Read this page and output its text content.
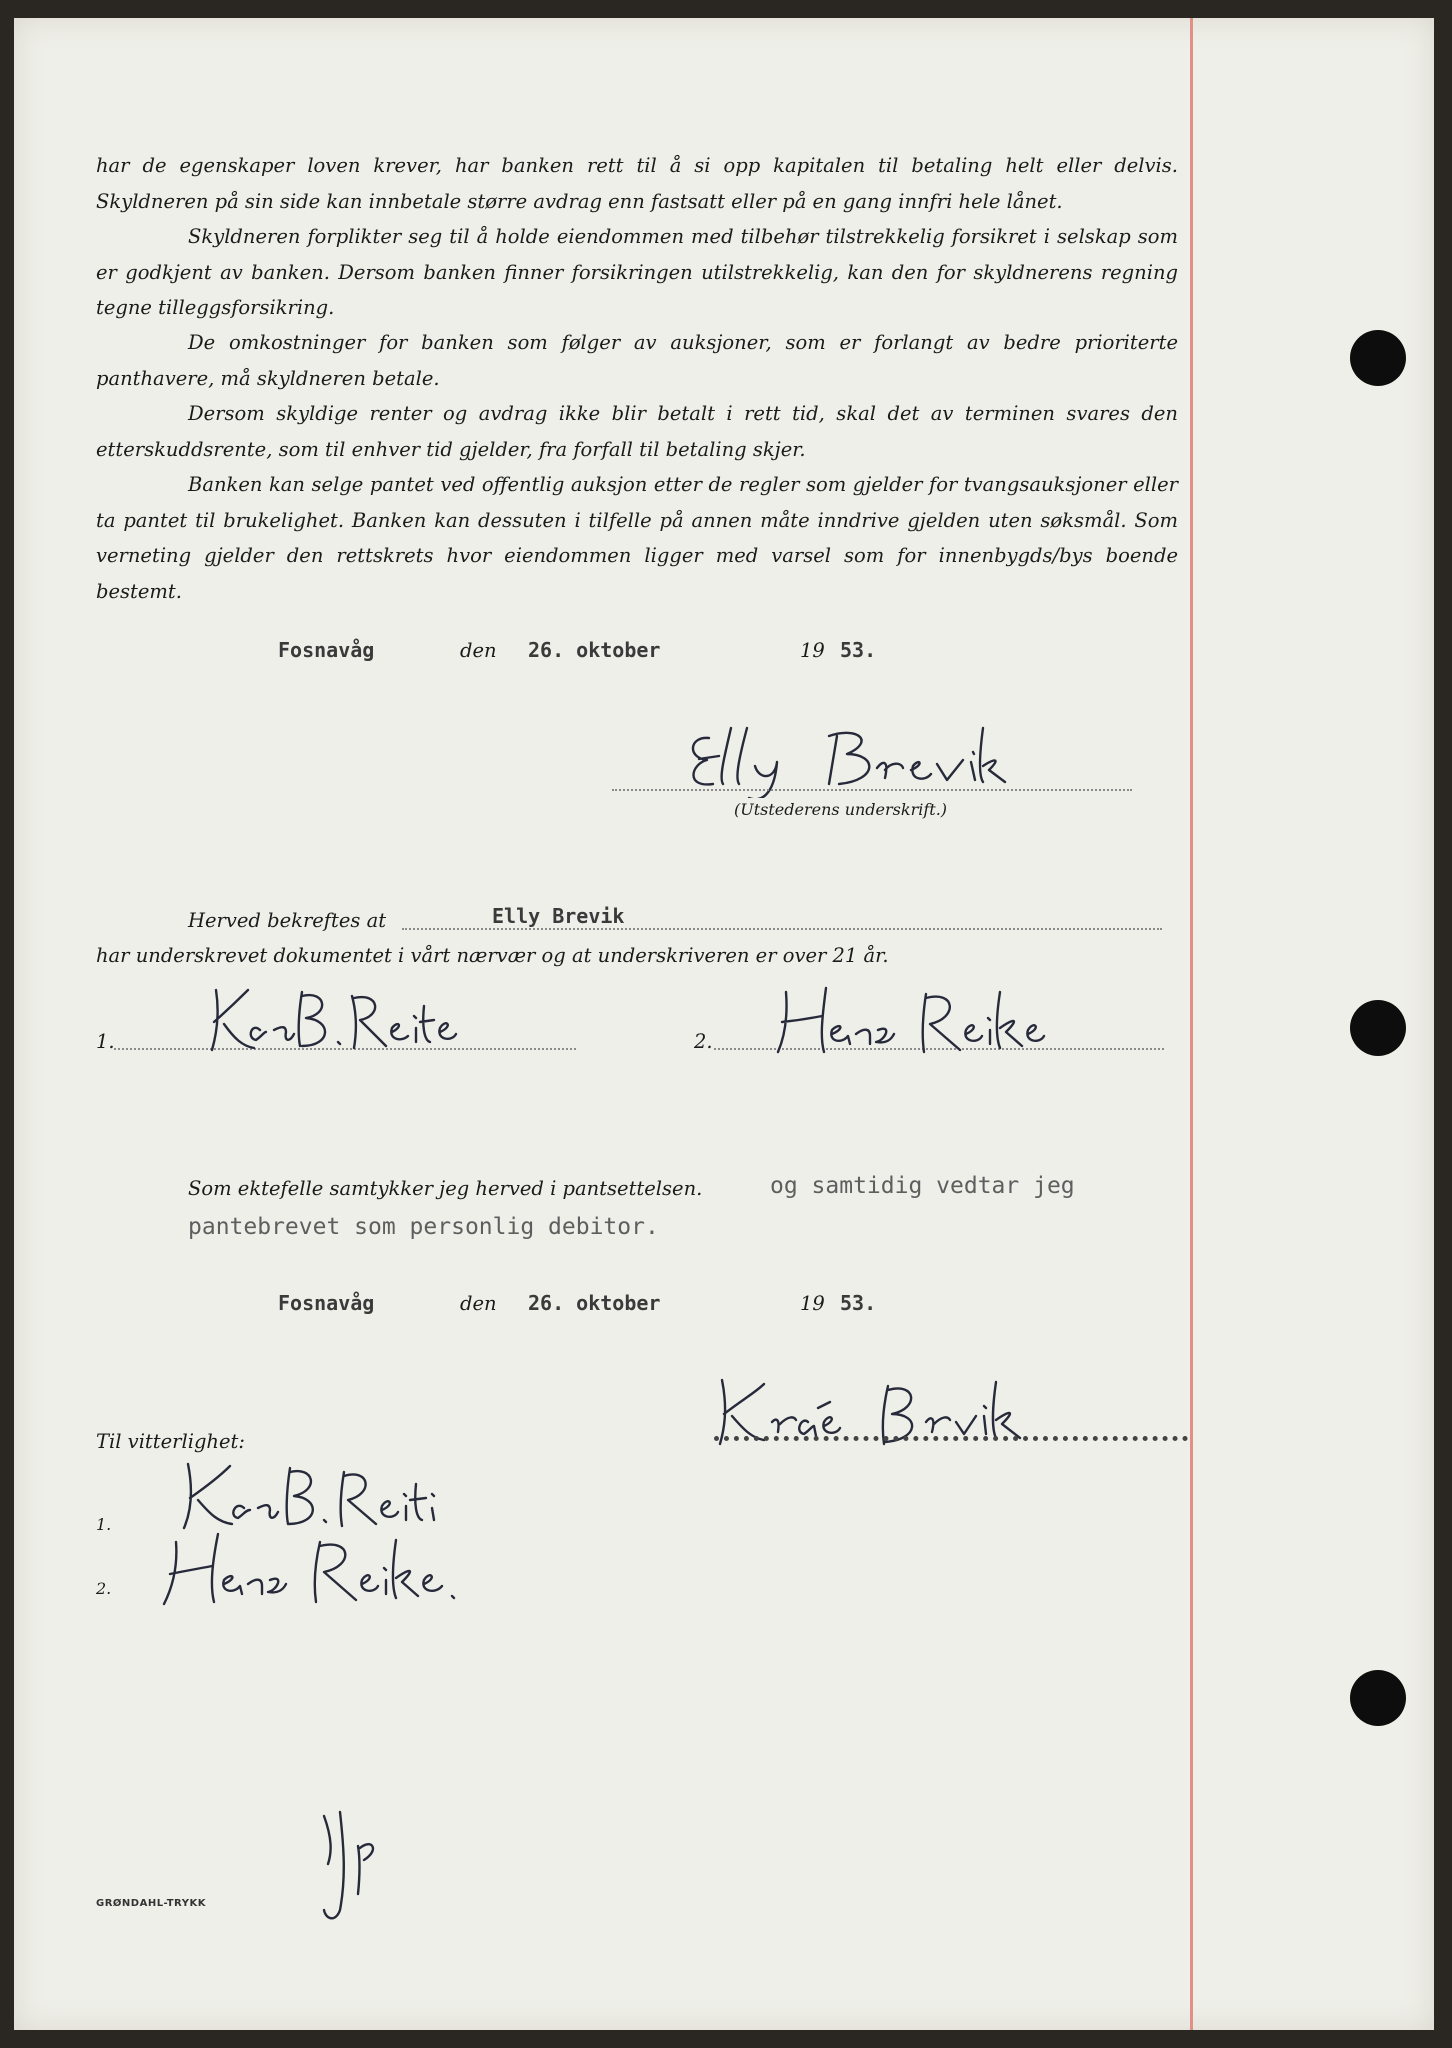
har de egenskaper loven krever, har banken rett til å si opp kapitalen til betaling helt eller delvis. Skyldneren på sin side kan innbetale større avdrag enn fastsatt eller på en gang innfri hele lånet.

Skyldneren forplikter seg til å holde eiendommen med tilbehør tilstrekkelig forsikret i selskap som er godkjent av banken. Dersom banken finner forsikringen utilstrekkelig, kan den for skyldnerens regning tegne tilleggsforsikring.

De omkostninger for banken som følger av auksjoner, som er forlangt av bedre prioriterte panthavere, må skyldneren betale.

Dersom skyldige renter og avdrag ikke blir betalt i rett tid, skal det av terminen svares den etterskuddsrente, som til enhver tid gjelder, fra forfall til betaling skjer.

Banken kan selge pantet ved offentlig auksjon etter de regler som gjelder for tvangsauksjoner eller ta pantet til brukelighet. Banken kan dessuten i tilfelle på annen måte inndrive gjelden uten søksmål. Som verneting gjelder den rettskrets hvor eiendommen ligger med varsel som for innenbygds/bys boende bestemt.

Fosnavåg	den 26. oktober	19 53.
(Utstederens underskrift.)
Herved bekreftes at	Elly Brevik
har underskrevet dokumentet i vårt nærvær og at underskriveren er over 21 år.
1.	2.
Som ektefelle samtykker jeg herved i pantsettelsen.	og samtidig vedtar jeg
pantebrevet som personlig debitor.
Fosnavåg	den 26. oktober	19 53.
Til vitterlighet:
1.
2.
GRØNDAHL-TRYKK
